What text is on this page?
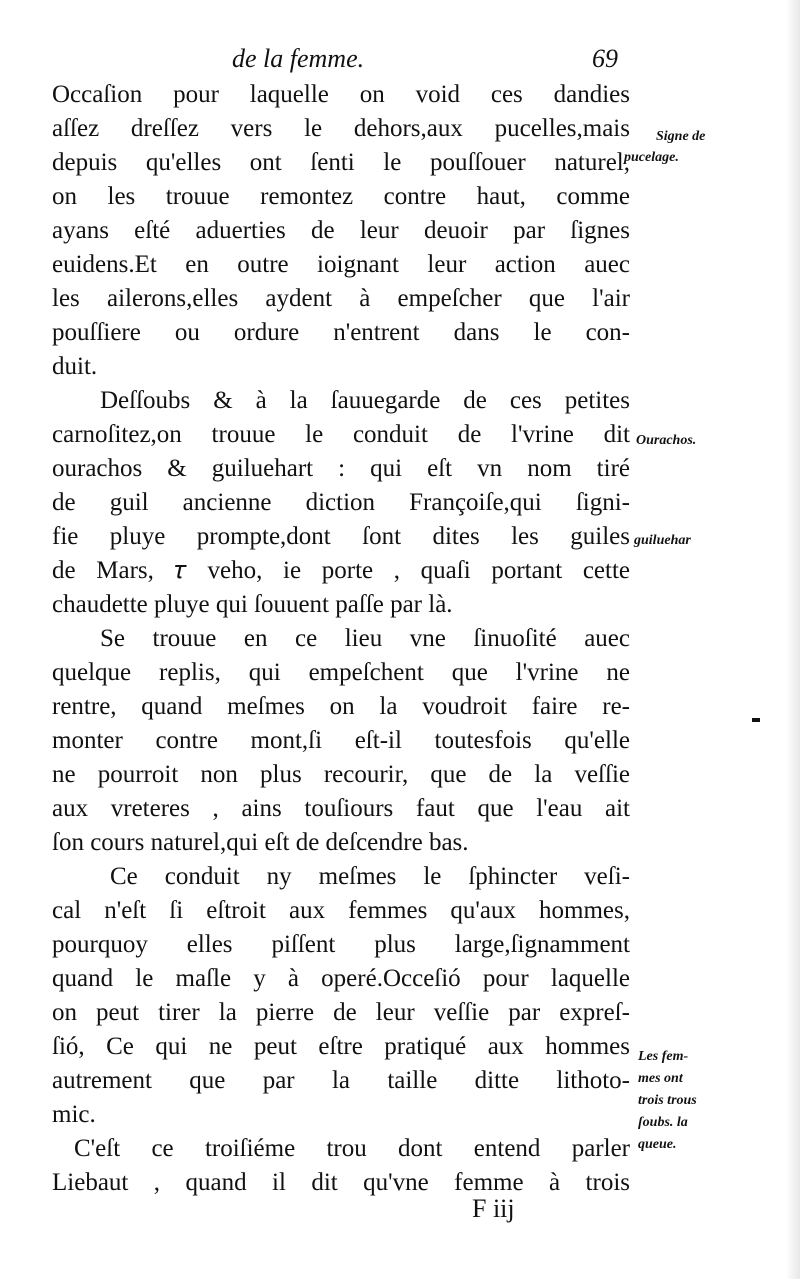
de la femme.	69

Occaſion pour laquelle on void ces dandies
aſſez dreſſez vers le dehors,aux pucelles,mais
depuis qu'elles ont ſenti le pouſſouer naturel,
on les trouue remontez contre haut, comme
ayans eſté aduerties de leur deuoir par ſignes
euidens.Et en outre ioignant leur action auec
les ailerons,elles aydent à empeſcher que l'air
pouſſiere ou ordure n'entrent dans le con-
duit.

Deſſoubs & à la ſauuegarde de ces petites
carnoſitez,on trouue le conduit de l'vrine dit
ourachos & guiluehart : qui eſt vn nom tiré
de guil ancienne diction Françoiſe,qui ſigni-
fie pluye prompte,dont ſont dites les guiles
de Mars, 𝜏 veho, ie porte , quaſi portant cette
chaudette pluye qui ſouuent paſſe par là.

Se trouue en ce lieu vne ſinuoſité auec
quelque replis, qui empeſchent que l'vrine ne
rentre, quand meſmes on la voudroit faire re-
monter contre mont,ſi eſt-il toutesfois qu'elle
ne pourroit non plus recourir, que de la veſſie
aux vreteres , ains touſiours faut que l'eau ait
ſon cours naturel,qui eſt de deſcendre bas.

Ce conduit ny meſmes le ſphincter veſi-
cal n'eſt ſi eſtroit aux femmes qu'aux hommes,
pourquoy elles piſſent plus large,ſignamment
quand le maſle y à operé.Occeſió pour laquelle
on peut tirer la pierre de leur veſſie par expreſ-
ſió, Ce qui ne peut eſtre pratiqué aux hommes
autrement que par la taille ditte lithoto-
mic.

C'eſt ce troiſiéme trou dont entend parler
Liebaut , quand il dit qu'vne femme à trois

Signe de
pucelage.
Ourachos.
guiluehar
Les fem-
mes ont
trois trous
ſoubs. la
queue.
F iij
